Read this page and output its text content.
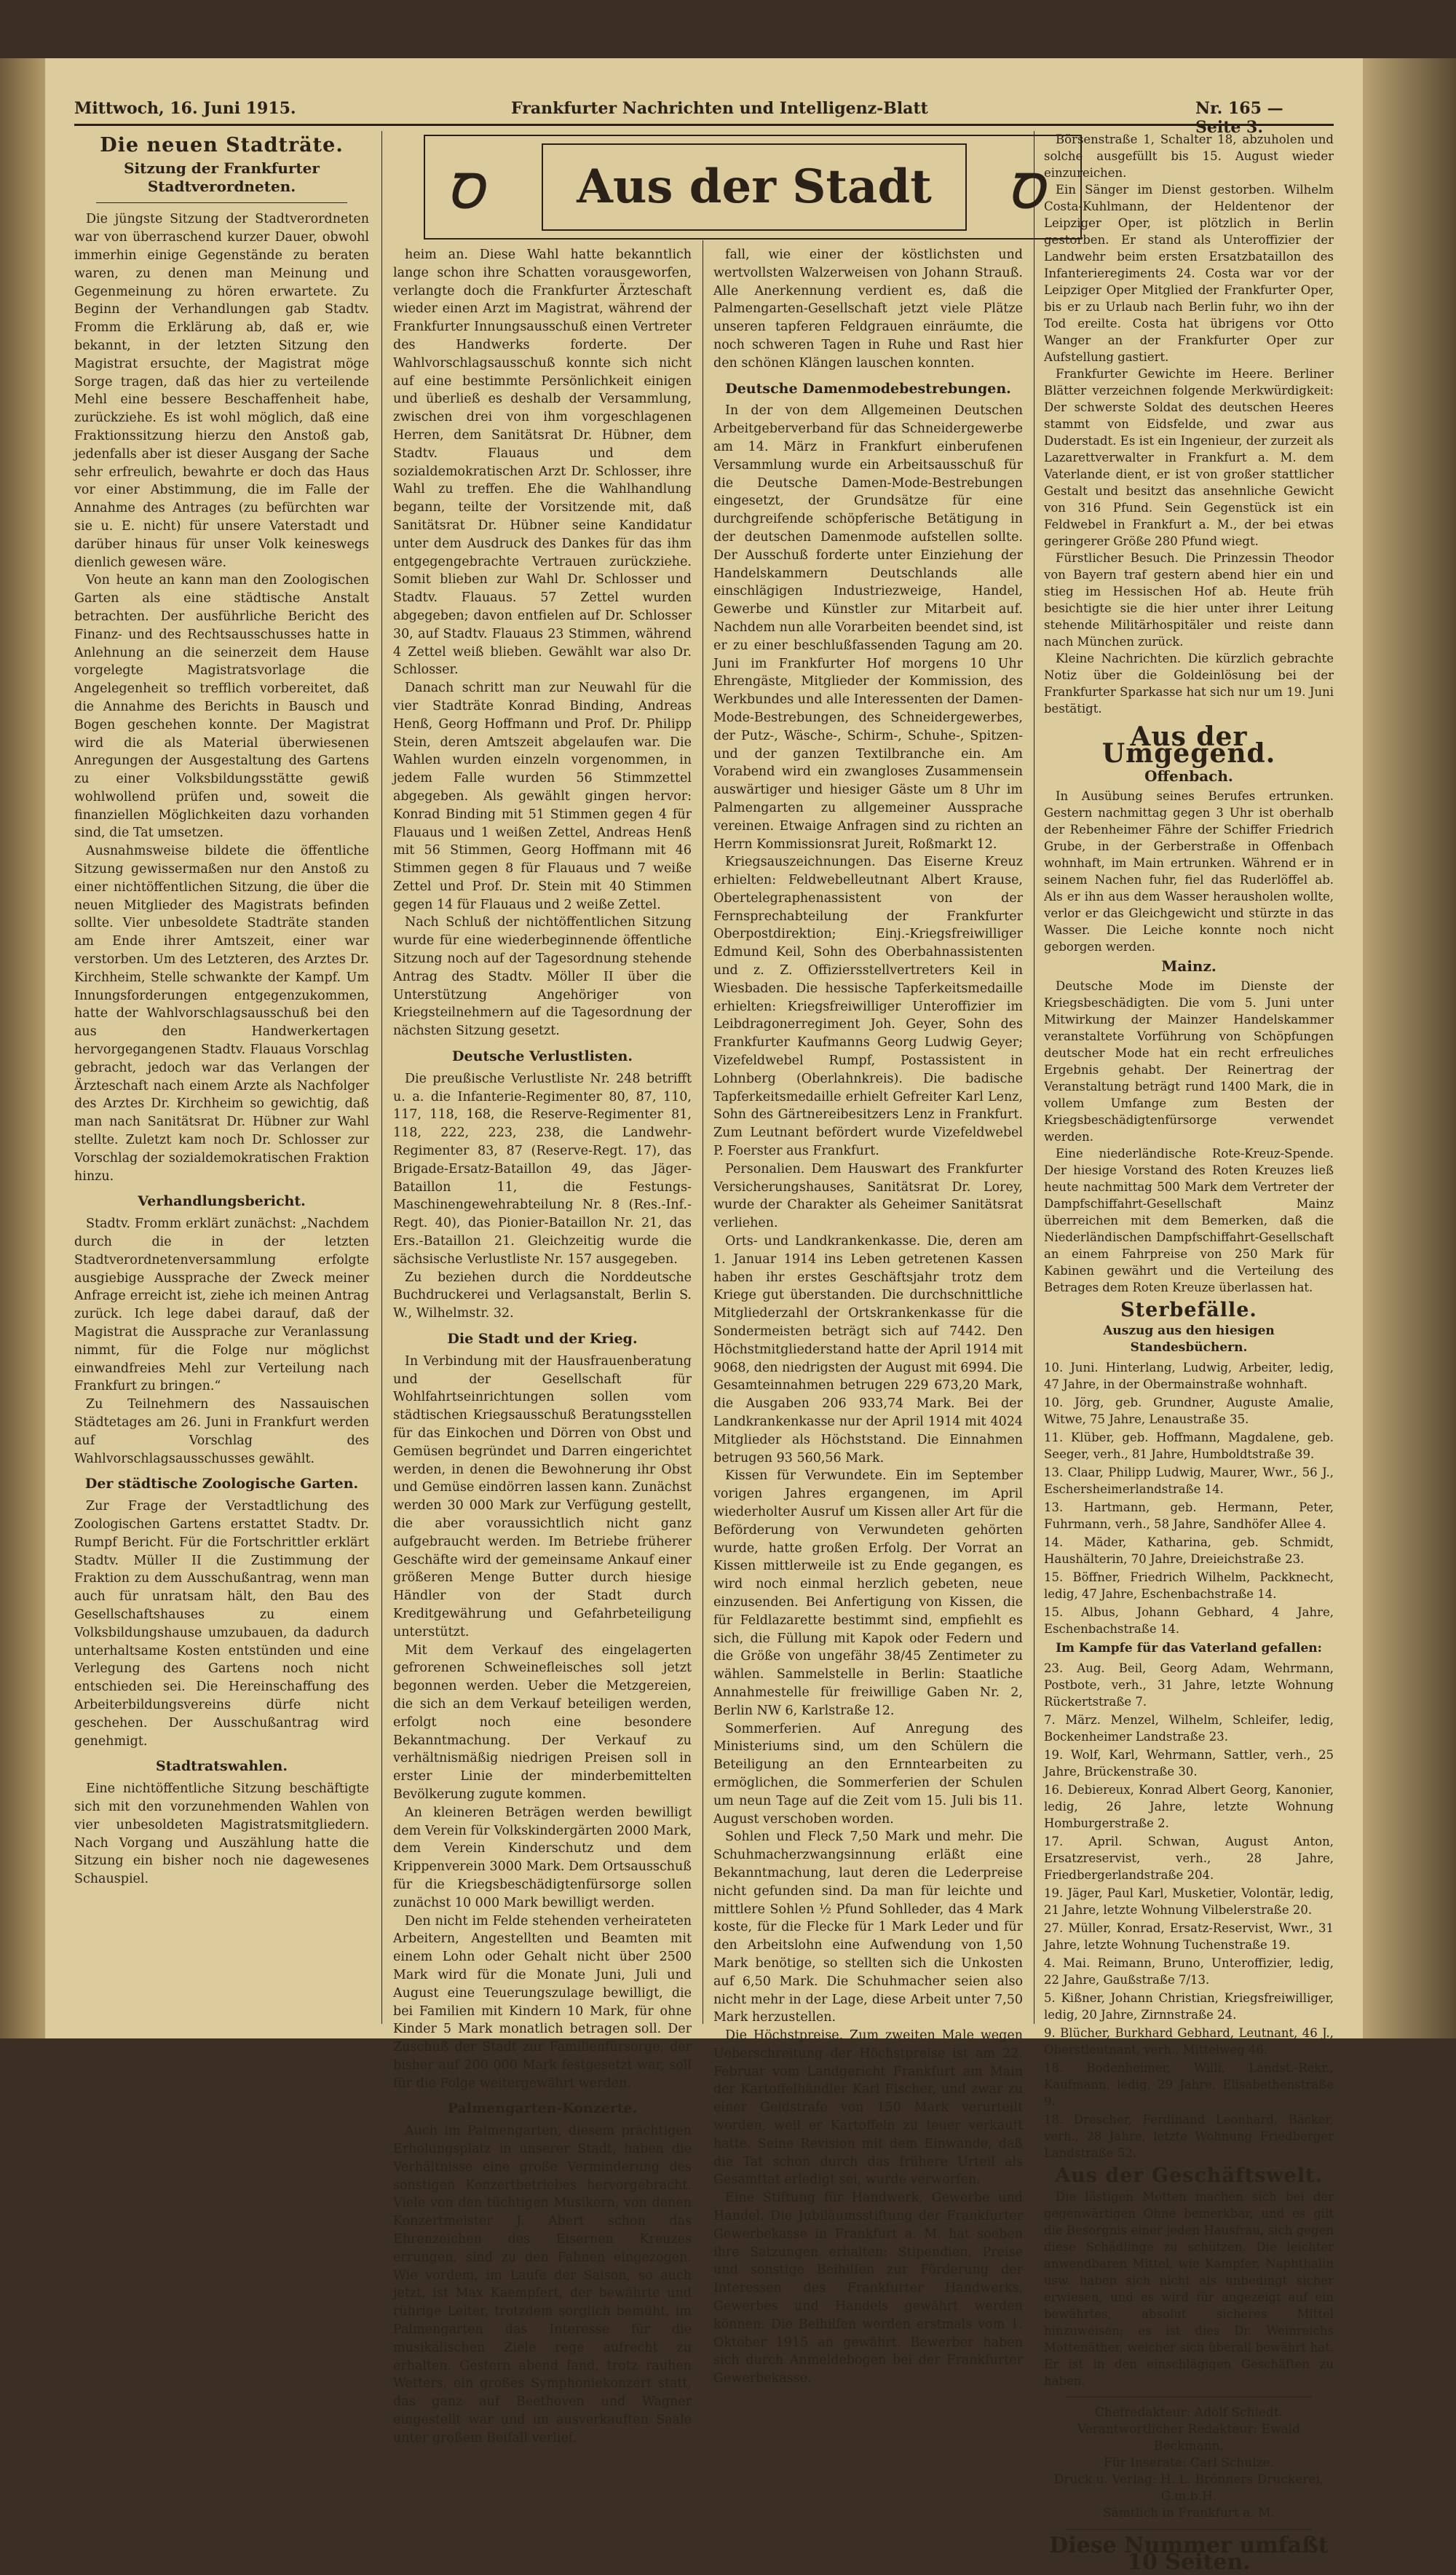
Mittwoch, 16. Juni 1915.	Frankfurter Nachrichten und Intelligenz-Blatt	Nr. 165 — Seite 3.
Ꝺ	Aus der Stadt	Ꝺ
Die neuen Stadträte.
Sitzung der Frankfurter Stadtverordneten.

Die jüngste Sitzung der Stadtverordneten war von überraschend kurzer Dauer, obwohl immerhin einige Gegenstände zu beraten waren, zu denen man Meinung und Gegenmeinung zu hören erwartete. Zu Beginn der Verhandlungen gab Stadtv. Fromm die Erklärung ab, daß er, wie bekannt, in der letzten Sitzung den Magistrat ersuchte, der Magistrat möge Sorge tragen, daß das hier zu verteilende Mehl eine bessere Beschaffenheit habe, zurückziehe. Es ist wohl möglich, daß eine Fraktionssitzung hierzu den Anstoß gab, jedenfalls aber ist dieser Ausgang der Sache sehr erfreulich, bewahrte er doch das Haus vor einer Abstimmung, die im Falle der Annahme des Antrages (zu befürchten war sie u. E. nicht) für unsere Vaterstadt und darüber hinaus für unser Volk keineswegs dienlich gewesen wäre.

Von heute an kann man den Zoologischen Garten als eine städtische Anstalt betrachten. Der ausführliche Bericht des Finanz- und des Rechtsausschusses hatte in Anlehnung an die seinerzeit dem Hause vorgelegte Magistratsvorlage die Angelegenheit so trefflich vorbereitet, daß die Annahme des Berichts in Bausch und Bogen geschehen konnte. Der Magistrat wird die als Material überwiesenen Anregungen der Ausgestaltung des Gartens zu einer Volksbildungsstätte gewiß wohlwollend prüfen und, soweit die finanziellen Möglichkeiten dazu vorhanden sind, die Tat umsetzen.

Ausnahmsweise bildete die öffentliche Sitzung gewissermaßen nur den Anstoß zu einer nichtöffentlichen Sitzung, die über die neuen Mitglieder des Magistrats befinden sollte. Vier unbesoldete Stadträte standen am Ende ihrer Amtszeit, einer war verstorben. Um des Letzteren, des Arztes Dr. Kirchheim, Stelle schwankte der Kampf. Um Innungsforderungen entgegenzukommen, hatte der Wahlvorschlagsausschuß bei den aus den Handwerkertagen hervorgegangenen Stadtv. Flauaus Vorschlag gebracht, jedoch war das Verlangen der Ärzteschaft nach einem Arzte als Nachfolger des Arztes Dr. Kirchheim so gewichtig, daß man nach Sanitätsrat Dr. Hübner zur Wahl stellte. Zuletzt kam noch Dr. Schlosser zur Vorschlag der sozialdemokratischen Fraktion hinzu.

Verhandlungsbericht.

Stadtv. Fromm erklärt zunächst: „Nachdem durch die in der letzten Stadtverordnetenversammlung erfolgte ausgiebige Aussprache der Zweck meiner Anfrage erreicht ist, ziehe ich meinen Antrag zurück. Ich lege dabei darauf, daß der Magistrat die Aussprache zur Veranlassung nimmt, für die Folge nur möglichst einwandfreies Mehl zur Verteilung nach Frankfurt zu bringen.“

Zu Teilnehmern des Nassauischen Städtetages am 26. Juni in Frankfurt werden auf Vorschlag des Wahlvorschlagsausschusses gewählt.

Der städtische Zoologische Garten.

Zur Frage der Verstadtlichung des Zoologischen Gartens erstattet Stadtv. Dr. Rumpf Bericht. Für die Fortschrittler erklärt Stadtv. Müller II die Zustimmung der Fraktion zu dem Ausschußantrag, wenn man auch für unratsam hält, den Bau des Gesellschaftshauses zu einem Volksbildungshause umzubauen, da dadurch unterhaltsame Kosten entstünden und eine Verlegung des Gartens noch nicht entschieden sei. Die Hereinschaffung des Arbeiterbildungsvereins dürfe nicht geschehen. Der Ausschußantrag wird genehmigt.

Stadtratswahlen.

Eine nichtöffentliche Sitzung beschäftigte sich mit den vorzunehmenden Wahlen von vier unbesoldeten Magistratsmitgliedern. Nach Vorgang und Auszählung hatte die Sitzung ein bisher noch nie dagewesenes Schauspiel.

heim an. Diese Wahl hatte bekanntlich lange schon ihre Schatten vorausgeworfen, verlangte doch die Frankfurter Ärzteschaft wieder einen Arzt im Magistrat, während der Frankfurter Innungsausschuß einen Vertreter des Handwerks forderte. Der Wahlvorschlagsausschuß konnte sich nicht auf eine bestimmte Persönlichkeit einigen und überließ es deshalb der Versammlung, zwischen drei von ihm vorgeschlagenen Herren, dem Sanitätsrat Dr. Hübner, dem Stadtv. Flauaus und dem sozialdemokratischen Arzt Dr. Schlosser, ihre Wahl zu treffen. Ehe die Wahlhandlung begann, teilte der Vorsitzende mit, daß Sanitätsrat Dr. Hübner seine Kandidatur unter dem Ausdruck des Dankes für das ihm entgegengebrachte Vertrauen zurückziehe. Somit blieben zur Wahl Dr. Schlosser und Stadtv. Flauaus. 57 Zettel wurden abgegeben; davon entfielen auf Dr. Schlosser 30, auf Stadtv. Flauaus 23 Stimmen, während 4 Zettel weiß blieben. Gewählt war also Dr. Schlosser.

Danach schritt man zur Neuwahl für die vier Stadträte Konrad Binding, Andreas Henß, Georg Hoffmann und Prof. Dr. Philipp Stein, deren Amtszeit abgelaufen war. Die Wahlen wurden einzeln vorgenommen, in jedem Falle wurden 56 Stimmzettel abgegeben. Als gewählt gingen hervor: Konrad Binding mit 51 Stimmen gegen 4 für Flauaus und 1 weißen Zettel, Andreas Henß mit 56 Stimmen, Georg Hoffmann mit 46 Stimmen gegen 8 für Flauaus und 7 weiße Zettel und Prof. Dr. Stein mit 40 Stimmen gegen 14 für Flauaus und 2 weiße Zettel.

Nach Schluß der nichtöffentlichen Sitzung wurde für eine wiederbeginnende öffentliche Sitzung noch auf der Tagesordnung stehende Antrag des Stadtv. Möller II über die Unterstützung Angehöriger von Kriegsteilnehmern auf die Tagesordnung der nächsten Sitzung gesetzt.

Deutsche Verlustlisten.

Die preußische Verlustliste Nr. 248 betrifft u. a. die Infanterie-Regimenter 80, 87, 110, 117, 118, 168, die Reserve-Regimenter 81, 118, 222, 223, 238, die Landwehr-Regimenter 83, 87 (Reserve-Regt. 17), das Brigade-Ersatz-Bataillon 49, das Jäger-Bataillon 11, die Festungs-Maschinengewehrabteilung Nr. 8 (Res.-Inf.-Regt. 40), das Pionier-Bataillon Nr. 21, das Ers.-Bataillon 21. Gleichzeitig wurde die sächsische Verlustliste Nr. 157 ausgegeben.

Zu beziehen durch die Norddeutsche Buchdruckerei und Verlagsanstalt, Berlin S. W., Wilhelmstr. 32.

Die Stadt und der Krieg.

In Verbindung mit der Hausfrauenberatung und der Gesellschaft für Wohlfahrtseinrichtungen sollen vom städtischen Kriegsausschuß Beratungsstellen für das Einkochen und Dörren von Obst und Gemüsen begründet und Darren eingerichtet werden, in denen die Bewohnerung ihr Obst und Gemüse eindörren lassen kann. Zunächst werden 30 000 Mark zur Verfügung gestellt, die aber voraussichtlich nicht ganz aufgebraucht werden. Im Betriebe früherer Geschäfte wird der gemeinsame Ankauf einer größeren Menge Butter durch hiesige Händler von der Stadt durch Kreditgewährung und Gefahrbeteiligung unterstützt.

Mit dem Verkauf des eingelagerten gefrorenen Schweinefleisches soll jetzt begonnen werden. Ueber die Metzgereien, die sich an dem Verkauf beteiligen werden, erfolgt noch eine besondere Bekanntmachung. Der Verkauf zu verhältnismäßig niedrigen Preisen soll in erster Linie der minderbemittelten Bevölkerung zugute kommen.

An kleineren Beträgen werden bewilligt dem Verein für Volkskindergärten 2000 Mark, dem Verein Kinderschutz und dem Krippenverein 3000 Mark. Dem Ortsausschuß für die Kriegsbeschädigtenfürsorge sollen zunächst 10 000 Mark bewilligt werden.

Den nicht im Felde stehenden verheirateten Arbeitern, Angestellten und Beamten mit einem Lohn oder Gehalt nicht über 2500 Mark wird für die Monate Juni, Juli und August eine Teuerungszulage bewilligt, die bei Familien mit Kindern 10 Mark, für ohne Kinder 5 Mark monatlich betragen soll. Der Zuschuß der Stadt zur Familienfürsorge, der bisher auf 200 000 Mark festgesetzt war, soll für die Folge weitergewährt werden.

Palmengarten-Konzerte.

Auch im Palmengarten, diesem prächtigen Erholungsplatz in unserer Stadt, haben die Verhältnisse eine große Verminderung des sonstigen Konzertbetriebes hervorgebracht. Viele von den tüchtigen Musikern, von denen Konzertmeister J. Abert schon das Ehrenzeichen des Eisernen Kreuzes errungen, sind zu den Fahnen eingezogen. Wie vordem, im Laufe der Saison, so auch jetzt, ist Max Kaempfert, der bewährte und rührige Leiter, trotzdem sorglich bemüht, im Palmengarten das Interesse für die musikalischen Ziele rege aufrecht zu erhalten. Gestern abend fand, trotz rauhen Wetters, ein großes Symphoniekonzert statt, das ganz auf Beethoven und Wagner eingestellt war und im ausverkauften Saale unter großem Beifall verlief.

fall, wie einer der köstlichsten und wertvollsten Walzerweisen von Johann Strauß. Alle Anerkennung verdient es, daß die Palmengarten-Gesellschaft jetzt viele Plätze unseren tapferen Feldgrauen einräumte, die noch schweren Tagen in Ruhe und Rast hier den schönen Klängen lauschen konnten.

Deutsche Damenmodebestrebungen.

In der von dem Allgemeinen Deutschen Arbeitgeberverband für das Schneidergewerbe am 14. März in Frankfurt einberufenen Versammlung wurde ein Arbeitsausschuß für die Deutsche Damen-Mode-Bestrebungen eingesetzt, der Grundsätze für eine durchgreifende schöpferische Betätigung in der deutschen Damenmode aufstellen sollte. Der Ausschuß forderte unter Einziehung der Handelskammern Deutschlands alle einschlägigen Industriezweige, Handel, Gewerbe und Künstler zur Mitarbeit auf. Nachdem nun alle Vorarbeiten beendet sind, ist er zu einer beschlußfassenden Tagung am 20. Juni im Frankfurter Hof morgens 10 Uhr Ehrengäste, Mitglieder der Kommission, des Werkbundes und alle Interessenten der Damen-Mode-Bestrebungen, des Schneidergewerbes, der Putz-, Wäsche-, Schirm-, Schuhe-, Spitzen- und der ganzen Textilbranche ein. Am Vorabend wird ein zwangloses Zusammensein auswärtiger und hiesiger Gäste um 8 Uhr im Palmengarten zu allgemeiner Aussprache vereinen. Etwaige Anfragen sind zu richten an Herrn Kommissionsrat Jureit, Roßmarkt 12.

Kriegsauszeichnungen. Das Eiserne Kreuz erhielten: Feldwebelleutnant Albert Krause, Obertelegraphenassistent von der Fernsprechabteilung der Frankfurter Oberpostdirektion; Einj.-Kriegsfreiwilliger Edmund Keil, Sohn des Oberbahnassistenten und z. Z. Offiziersstellvertreters Keil in Wiesbaden. Die hessische Tapferkeitsmedaille erhielten: Kriegsfreiwilliger Unteroffizier im Leibdragonerregiment Joh. Geyer, Sohn des Frankfurter Kaufmanns Georg Ludwig Geyer; Vizefeldwebel Rumpf, Postassistent in Lohnberg (Oberlahnkreis). Die badische Tapferkeitsmedaille erhielt Gefreiter Karl Lenz, Sohn des Gärtnereibesitzers Lenz in Frankfurt. Zum Leutnant befördert wurde Vizefeldwebel P. Foerster aus Frankfurt.

Personalien. Dem Hauswart des Frankfurter Versicherungshauses, Sanitätsrat Dr. Lorey, wurde der Charakter als Geheimer Sanitätsrat verliehen.

Orts- und Landkrankenkasse. Die, deren am 1. Januar 1914 ins Leben getretenen Kassen haben ihr erstes Geschäftsjahr trotz dem Kriege gut überstanden. Die durchschnittliche Mitgliederzahl der Ortskrankenkasse für die Sondermeisten beträgt sich auf 7442. Den Höchstmitgliederstand hatte der April 1914 mit 9068, den niedrigsten der August mit 6994. Die Gesamteinnahmen betrugen 229 673,20 Mark, die Ausgaben 206 933,74 Mark. Bei der Landkrankenkasse nur der April 1914 mit 4024 Mitglieder als Höchststand. Die Einnahmen betrugen 93 560,56 Mark.

Kissen für Verwundete. Ein im September vorigen Jahres ergangenen, im April wiederholter Ausruf um Kissen aller Art für die Beförderung von Verwundeten gehörten wurde, hatte großen Erfolg. Der Vorrat an Kissen mittlerweile ist zu Ende gegangen, es wird noch einmal herzlich gebeten, neue einzusenden. Bei Anfertigung von Kissen, die für Feldlazarette bestimmt sind, empfiehlt es sich, die Füllung mit Kapok oder Federn und die Größe von ungefähr 38/45 Zentimeter zu wählen. Sammelstelle in Berlin: Staatliche Annahmestelle für freiwillige Gaben Nr. 2, Berlin NW 6, Karlstraße 12.

Sommerferien. Auf Anregung des Ministeriums sind, um den Schülern die Beteiligung an den Ernntearbeiten zu ermöglichen, die Sommerferien der Schulen um neun Tage auf die Zeit vom 15. Juli bis 11. August verschoben worden.

Sohlen und Fleck 7,50 Mark und mehr. Die Schuhmacherzwangsinnung erläßt eine Bekanntmachung, laut deren die Lederpreise nicht gefunden sind. Da man für leichte und mittlere Sohlen ½ Pfund Sohlleder, das 4 Mark koste, für die Flecke für 1 Mark Leder und für den Arbeitslohn eine Aufwendung von 1,50 Mark benötige, so stellten sich die Unkosten auf 6,50 Mark. Die Schuhmacher seien also nicht mehr in der Lage, diese Arbeit unter 7,50 Mark herzustellen.

Die Höchstpreise. Zum zweiten Male wegen Ueberschreitung der Höchstpreise ist am 22. Februar vom Landgericht Frankfurt am Main der Kartoffelhändler Karl Fischer, und zwar zu einer Geldstrafe von 150 Mark verurteilt worden, weil er Kartoffeln zu teuer verkauft hatte. Seine Revision mit dem Einwande, daß die Tat schon durch das frühere Urteil als Gesamttat erledigt sei, wurde verworfen.

Eine Stiftung für Handwerk, Gewerbe und Handel. Die Jubiläumsstiftung der Frankfurter Gewerbekasse in Frankfurt a. M. hat soeben ihre Satzungen erhalten: Stipendien, Preise und sonstige Beihilfen zur Förderung der Interessen des Frankfurter Handwerks, Gewerbes und Handels gewährt werden können. Die Beihilfen werden erstmals vom 1. Oktober 1915 an gewährt. Bewerber haben sich durch Anmeldebogen bei der Frankfurter Gewerbekasse.

Börsenstraße 1, Schalter 18, abzuholen und solche ausgefüllt bis 15. August wieder einzureichen.

Ein Sänger im Dienst gestorben. Wilhelm Costa-Kuhlmann, der Heldentenor der Leipziger Oper, ist plötzlich in Berlin gestorben. Er stand als Unteroffizier der Landwehr beim ersten Ersatzbataillon des Infanterieregiments 24. Costa war vor der Leipziger Oper Mitglied der Frankfurter Oper, bis er zu Urlaub nach Berlin fuhr, wo ihn der Tod ereilte. Costa hat übrigens vor Otto Wanger an der Frankfurter Oper zur Aufstellung gastiert.

Frankfurter Gewichte im Heere. Berliner Blätter verzeichnen folgende Merkwürdigkeit: Der schwerste Soldat des deutschen Heeres stammt von Eidsfelde, und zwar aus Duderstadt. Es ist ein Ingenieur, der zurzeit als Lazarettverwalter in Frankfurt a. M. dem Vaterlande dient, er ist von großer stattlicher Gestalt und besitzt das ansehnliche Gewicht von 316 Pfund. Sein Gegenstück ist ein Feldwebel in Frankfurt a. M., der bei etwas geringerer Größe 280 Pfund wiegt.

Fürstlicher Besuch. Die Prinzessin Theodor von Bayern traf gestern abend hier ein und stieg im Hessischen Hof ab. Heute früh besichtigte sie die hier unter ihrer Leitung stehende Militärhospitäler und reiste dann nach München zurück.

Kleine Nachrichten. Die kürzlich gebrachte Notiz über die Goldeinlösung bei der Frankfurter Sparkasse hat sich nur um 19. Juni bestätigt.

Aus der Umgegend.
Offenbach.

In Ausübung seines Berufes ertrunken. Gestern nachmittag gegen 3 Uhr ist oberhalb der Rebenheimer Fähre der Schiffer Friedrich Grube, in der Gerberstraße in Offenbach wohnhaft, im Main ertrunken. Während er in seinem Nachen fuhr, fiel das Ruderlöffel ab. Als er ihn aus dem Wasser herausholen wollte, verlor er das Gleichgewicht und stürzte in das Wasser. Die Leiche konnte noch nicht geborgen werden.

Mainz.

Deutsche Mode im Dienste der Kriegsbeschädigten. Die vom 5. Juni unter Mitwirkung der Mainzer Handelskammer veranstaltete Vorführung von Schöpfungen deutscher Mode hat ein recht erfreuliches Ergebnis gehabt. Der Reinertrag der Veranstaltung beträgt rund 1400 Mark, die in vollem Umfange zum Besten der Kriegsbeschädigtenfürsorge verwendet werden.

Eine niederländische Rote-Kreuz-Spende. Der hiesige Vorstand des Roten Kreuzes ließ heute nachmittag 500 Mark dem Vertreter der Dampfschiffahrt-Gesellschaft Mainz überreichen mit dem Bemerken, daß die Niederländischen Dampfschiffahrt-Gesellschaft an einem Fahrpreise von 250 Mark für Kabinen gewährt und die Verteilung des Betrages dem Roten Kreuze überlassen hat.

Sterbefälle.
Auszug aus den hiesigen Standesbüchern.
10. Juni. Hinterlang, Ludwig, Arbeiter, ledig, 47 Jahre, in der Obermainstraße wohnhaft.
10. Jörg, geb. Grundner, Auguste Amalie, Witwe, 75 Jahre, Lenaustraße 35.
11. Klüber, geb. Hoffmann, Magdalene, geb. Seeger, verh., 81 Jahre, Humboldtstraße 39.
13. Claar, Philipp Ludwig, Maurer, Wwr., 56 J., Eschersheimerlandstraße 14.
13. Hartmann, geb. Hermann, Peter, Fuhrmann, verh., 58 Jahre, Sandhöfer Allee 4.
14. Mäder, Katharina, geb. Schmidt, Haushälterin, 70 Jahre, Dreieichstraße 23.
15. Böffner, Friedrich Wilhelm, Packknecht, ledig, 47 Jahre, Eschenbachstraße 14.
15. Albus, Johann Gebhard, 4 Jahre, Eschenbachstraße 14.
Im Kampfe für das Vaterland gefallen:
23. Aug. Beil, Georg Adam, Wehrmann, Postbote, verh., 31 Jahre, letzte Wohnung Rückertstraße 7.
7. März. Menzel, Wilhelm, Schleifer, ledig, Bockenheimer Landstraße 23.
19. Wolf, Karl, Wehrmann, Sattler, verh., 25 Jahre, Brückenstraße 30.
16. Debiereux, Konrad Albert Georg, Kanonier, ledig, 26 Jahre, letzte Wohnung Homburgerstraße 2.
17. April. Schwan, August Anton, Ersatzreservist, verh., 28 Jahre, Friedbergerlandstraße 204.
19. Jäger, Paul Karl, Musketier, Volontär, ledig, 21 Jahre, letzte Wohnung Vilbelerstraße 20.
27. Müller, Konrad, Ersatz-Reservist, Wwr., 31 Jahre, letzte Wohnung Tuchenstraße 19.
4. Mai. Reimann, Bruno, Unteroffizier, ledig, 22 Jahre, Gaußstraße 7/13.
5. Kißner, Johann Christian, Kriegsfreiwilliger, ledig, 20 Jahre, Zirnnstraße 24.
9. Blücher, Burkhard Gebhard, Leutnant, 46 J., Oberstleutnant, verh., Mittelweg 46.
18. Bodenheimer, Willi, Landst.-Rekr., Kaufmann, ledig, 29 Jahre, Elisabethenstraße 9.
18. Drescher, Ferdinand Leonhard, Bäcker, verh., 28 Jahre, letzte Wohnung Friedberger Landstraße 52.
Aus der Geschäftswelt.

Die lästigen Motten machen sich bei der gegenwärtigen Ohne bemerkbar, und es gilt die Besorgnis einer jeden Hausfrau, sich gegen diese Schädlinge zu schützen. Die leichter anwendbaren Mittel, wie Kampfer, Naphthalin usw. haben sich nicht als unbedingt sicher erwiesen, und es wird für angezeigt auf ein bewährtes, absolut sicheres Mittel hinzuweisen; es ist dies Dr. Weinreichs Mottenäther, welcher sich überall bewährt hat. Er ist in den einschlägigen Geschäften zu haben.

Chefredakteur: Adolf Schiedt.
Verantwortlicher Redakteur: Ewald Beckmann.
Für Inserate: Carl Schulze.
Druck u. Verlag: H. L. Brönners Druckerei, G.m.b.H.
Sämtlich in Frankfurt a. M.
Diese Nummer umfaßt 10 Seiten.
